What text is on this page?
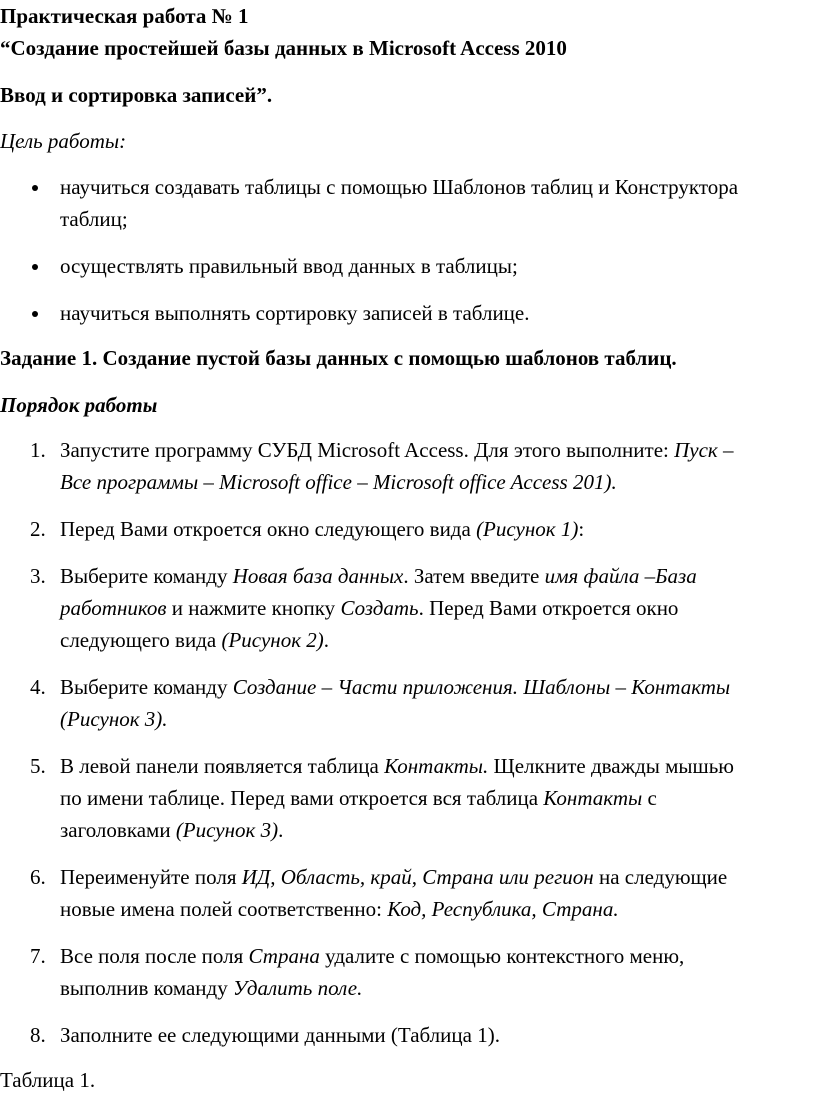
Практическая работа № 1
“Создание простейшей базы данных в Microsoft Access 2010
Ввод и сортировка записей”.
Цель работы:
научиться создавать таблицы с помощью Шаблонов таблиц и Конструктора
таблиц;
осуществлять правильный ввод данных в таблицы;
научиться выполнять сортировку записей в таблице.
Задание 1. Создание пустой базы данных с помощью шаблонов таблиц.
Порядок работы
1. Запустите программу СУБД Microsoft Access. Для этого выполните: Пуск –
Все программы – Microsoft office – Microsoft office Access 201).
2. Перед Вами откроется окно следующего вида (Рисунок 1):
3. Выберите команду Новая база данных. Затем введите имя файла –База
работников и нажмите кнопку Создать. Перед Вами откроется окно
следующего вида (Рисунок 2).
4. Выберите команду Создание – Части приложения. Шаблоны – Контакты
(Рисунок 3).
5. В левой панели появляется таблица Контакты. Щелкните дважды мышью
по имени таблице. Перед вами откроется вся таблица Контакты с
заголовками (Рисунок 3).
6. Переименуйте поля ИД, Область, край, Страна или регион на следующие
новые имена полей соответственно: Код, Республика, Страна.
7. Все поля после поля Страна удалите с помощью контекстного меню,
выполнив команду Удалить поле.
8. Заполните ее следующими данными (Таблица 1).
Таблица 1.
